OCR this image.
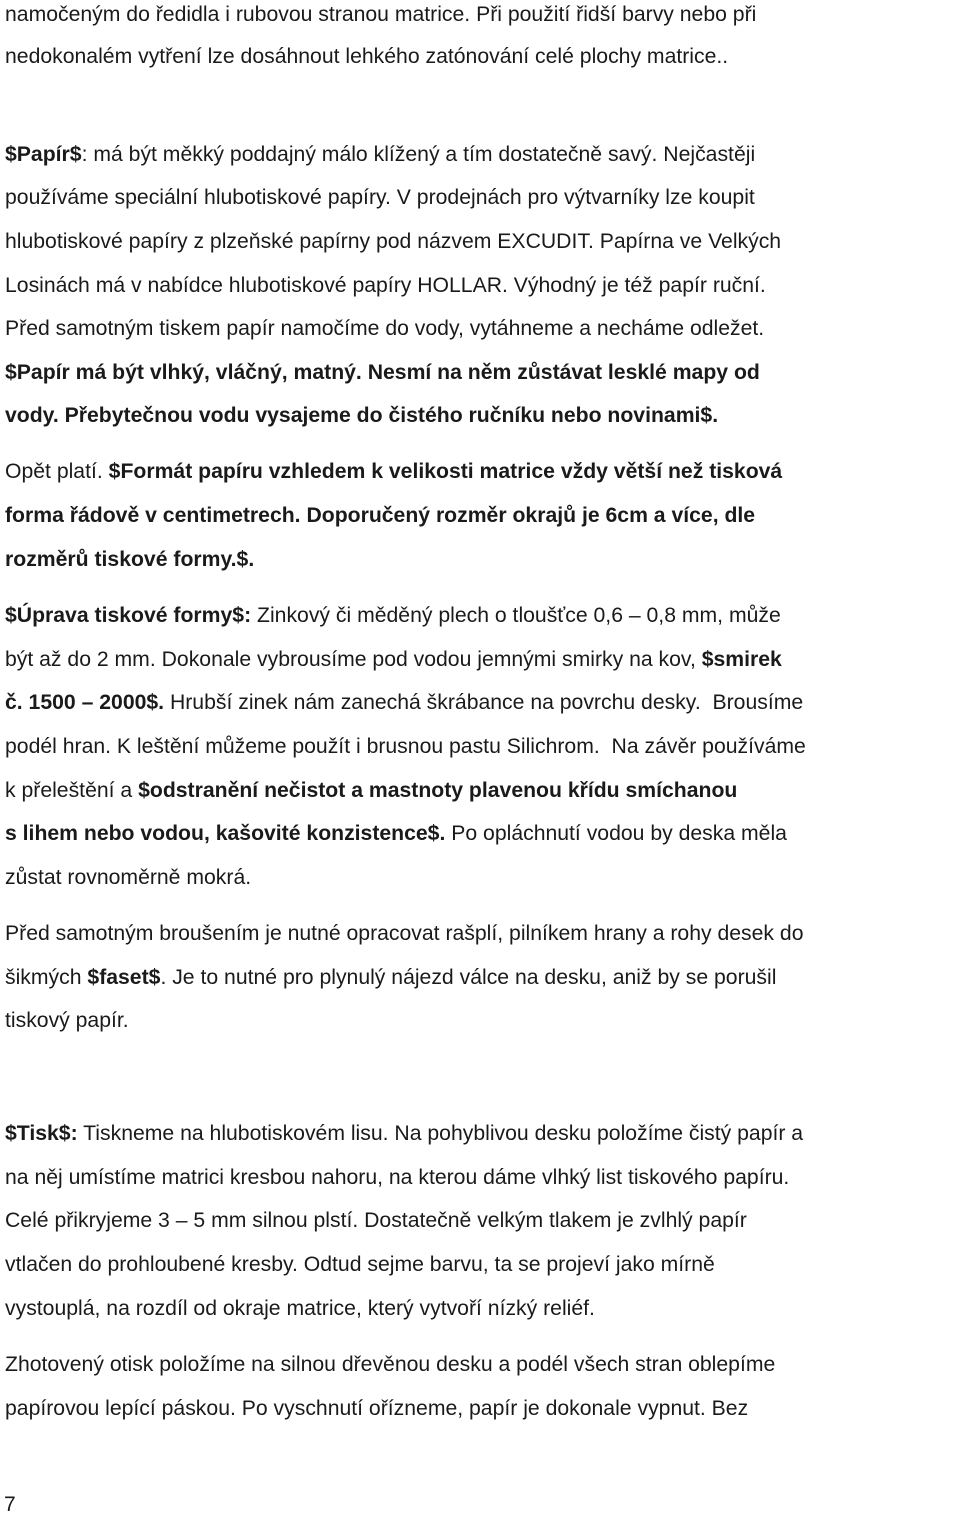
namočeným do ředidla i rubovou stranou matrice. Při použití řidší barvy nebo při

nedokonalém vytření lze dosáhnout lehkého zatónování celé plochy matrice..

$Papír$: má být měkký poddajný málo klížený a tím dostatečně savý. Nejčastěji

používáme speciální hlubotiskové papíry. V prodejnách pro výtvarníky lze koupit

hlubotiskové papíry z plzeňské papírny pod názvem EXCUDIT. Papírna ve Velkých

Losinách má v nabídce hlubotiskové papíry HOLLAR. Výhodný je též papír ruční.

Před samotným tiskem papír namočíme do vody, vytáhneme a necháme odležet.

$Papír má být vlhký, vláčný, matný. Nesmí na něm zůstávat lesklé mapy od

vody. Přebytečnou vodu vysajeme do čistého ručníku nebo novinami$.

Opět platí. $Formát papíru vzhledem k velikosti matrice vždy větší než tisková

forma řádově v centimetrech. Doporučený rozměr okrajů je 6cm a více, dle

rozměrů tiskové formy.$.

$Úprava tiskové formy$: Zinkový či měděný plech o tloušťce 0,6 – 0,8 mm, může

být až do 2 mm. Dokonale vybrousíme pod vodou jemnými smirky na kov, $smirek

č. 1500 – 2000$. Hrubší zinek nám zanechá škrábance na povrchu desky.  Brousíme

podél hran. K leštění můžeme použít i brusnou pastu Silichrom.  Na závěr používáme

k přeleštění a $odstranění nečistot a mastnoty plavenou křídu smíchanou

s lihem nebo vodou, kašovité konzistence$. Po opláchnutí vodou by deska měla

zůstat rovnoměrně mokrá.

Před samotným broušením je nutné opracovat rašplí, pilníkem hrany a rohy desek do

šikmých $faset$. Je to nutné pro plynulý nájezd válce na desku, aniž by se porušil

tiskový papír.

$Tisk$: Tiskneme na hlubotiskovém lisu. Na pohyblivou desku položíme čistý papír a

na něj umístíme matrici kresbou nahoru, na kterou dáme vlhký list tiskového papíru.

Celé přikryjeme 3 – 5 mm silnou plstí. Dostatečně velkým tlakem je zvlhlý papír

vtlačen do prohloubené kresby. Odtud sejme barvu, ta se projeví jako mírně

vystouplá, na rozdíl od okraje matrice, který vytvoří nízký reliéf.

Zhotovený otisk položíme na silnou dřevěnou desku a podél všech stran oblepíme

papírovou lepící páskou. Po vyschnutí ořízneme, papír je dokonale vypnut. Bez

7
